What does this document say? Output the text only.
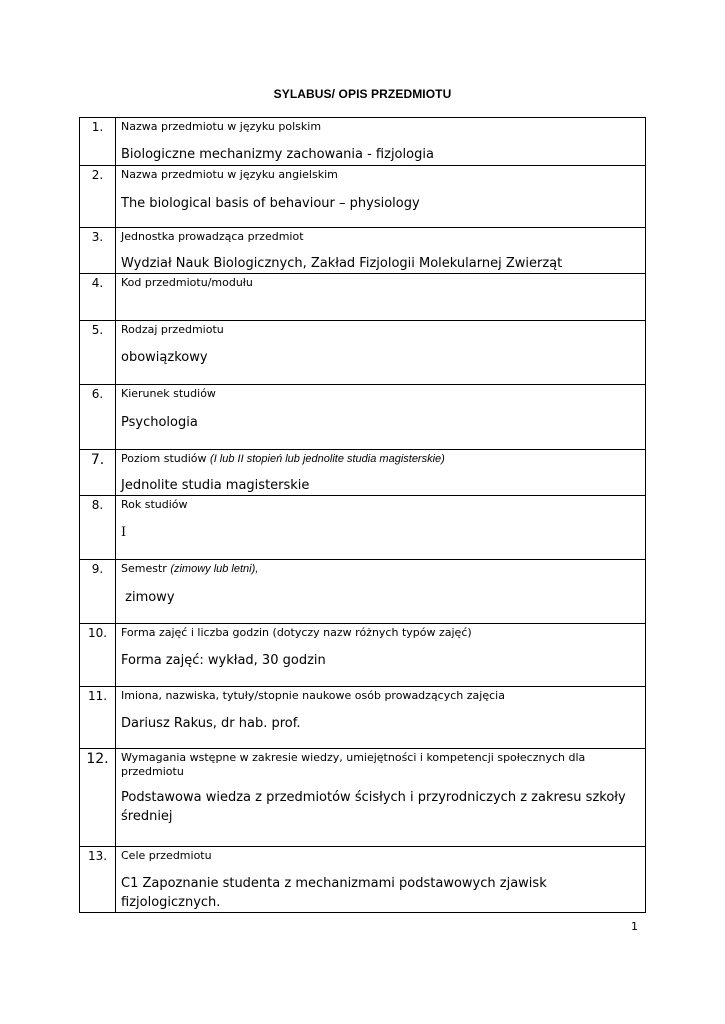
SYLABUS/ OPIS PRZEDMIOTU
1.	Nazwa przedmiotu w języku polskim
Biologiczne mechanizmy zachowania - fizjologia

2.	Nazwa przedmiotu w języku angielskim
The biological basis of behaviour – physiology

3.	Jednostka prowadząca przedmiot
Wydział Nauk Biologicznych, Zakład Fizjologii Molekularnej Zwierząt

4.	Kod przedmiotu/modułu

5.	Rodzaj przedmiotu
obowiązkowy

6.	Kierunek studiów
Psychologia

7.	Poziom studiów (I lub II stopień lub jednolite studia magisterskie)
Jednolite studia magisterskie

8.	Rok studiów
I

9.	Semestr (zimowy lub letni),
zimowy

10.	Forma zajęć i liczba godzin (dotyczy nazw różnych typów zajęć)
Forma zajęć: wykład, 30 godzin

11.	Imiona, nazwiska, tytuły/stopnie naukowe osób prowadzących zajęcia
Dariusz Rakus, dr hab. prof.

12.	Wymagania wstępne w zakresie wiedzy, umiejętności i kompetencji społecznych dla przedmiotu
Podstawowa wiedza z przedmiotów ścisłych i przyrodniczych z zakresu szkoły średniej

13.	Cele przedmiotu
C1 Zapoznanie studenta z mechanizmami podstawowych zjawisk fizjologicznych.
1
